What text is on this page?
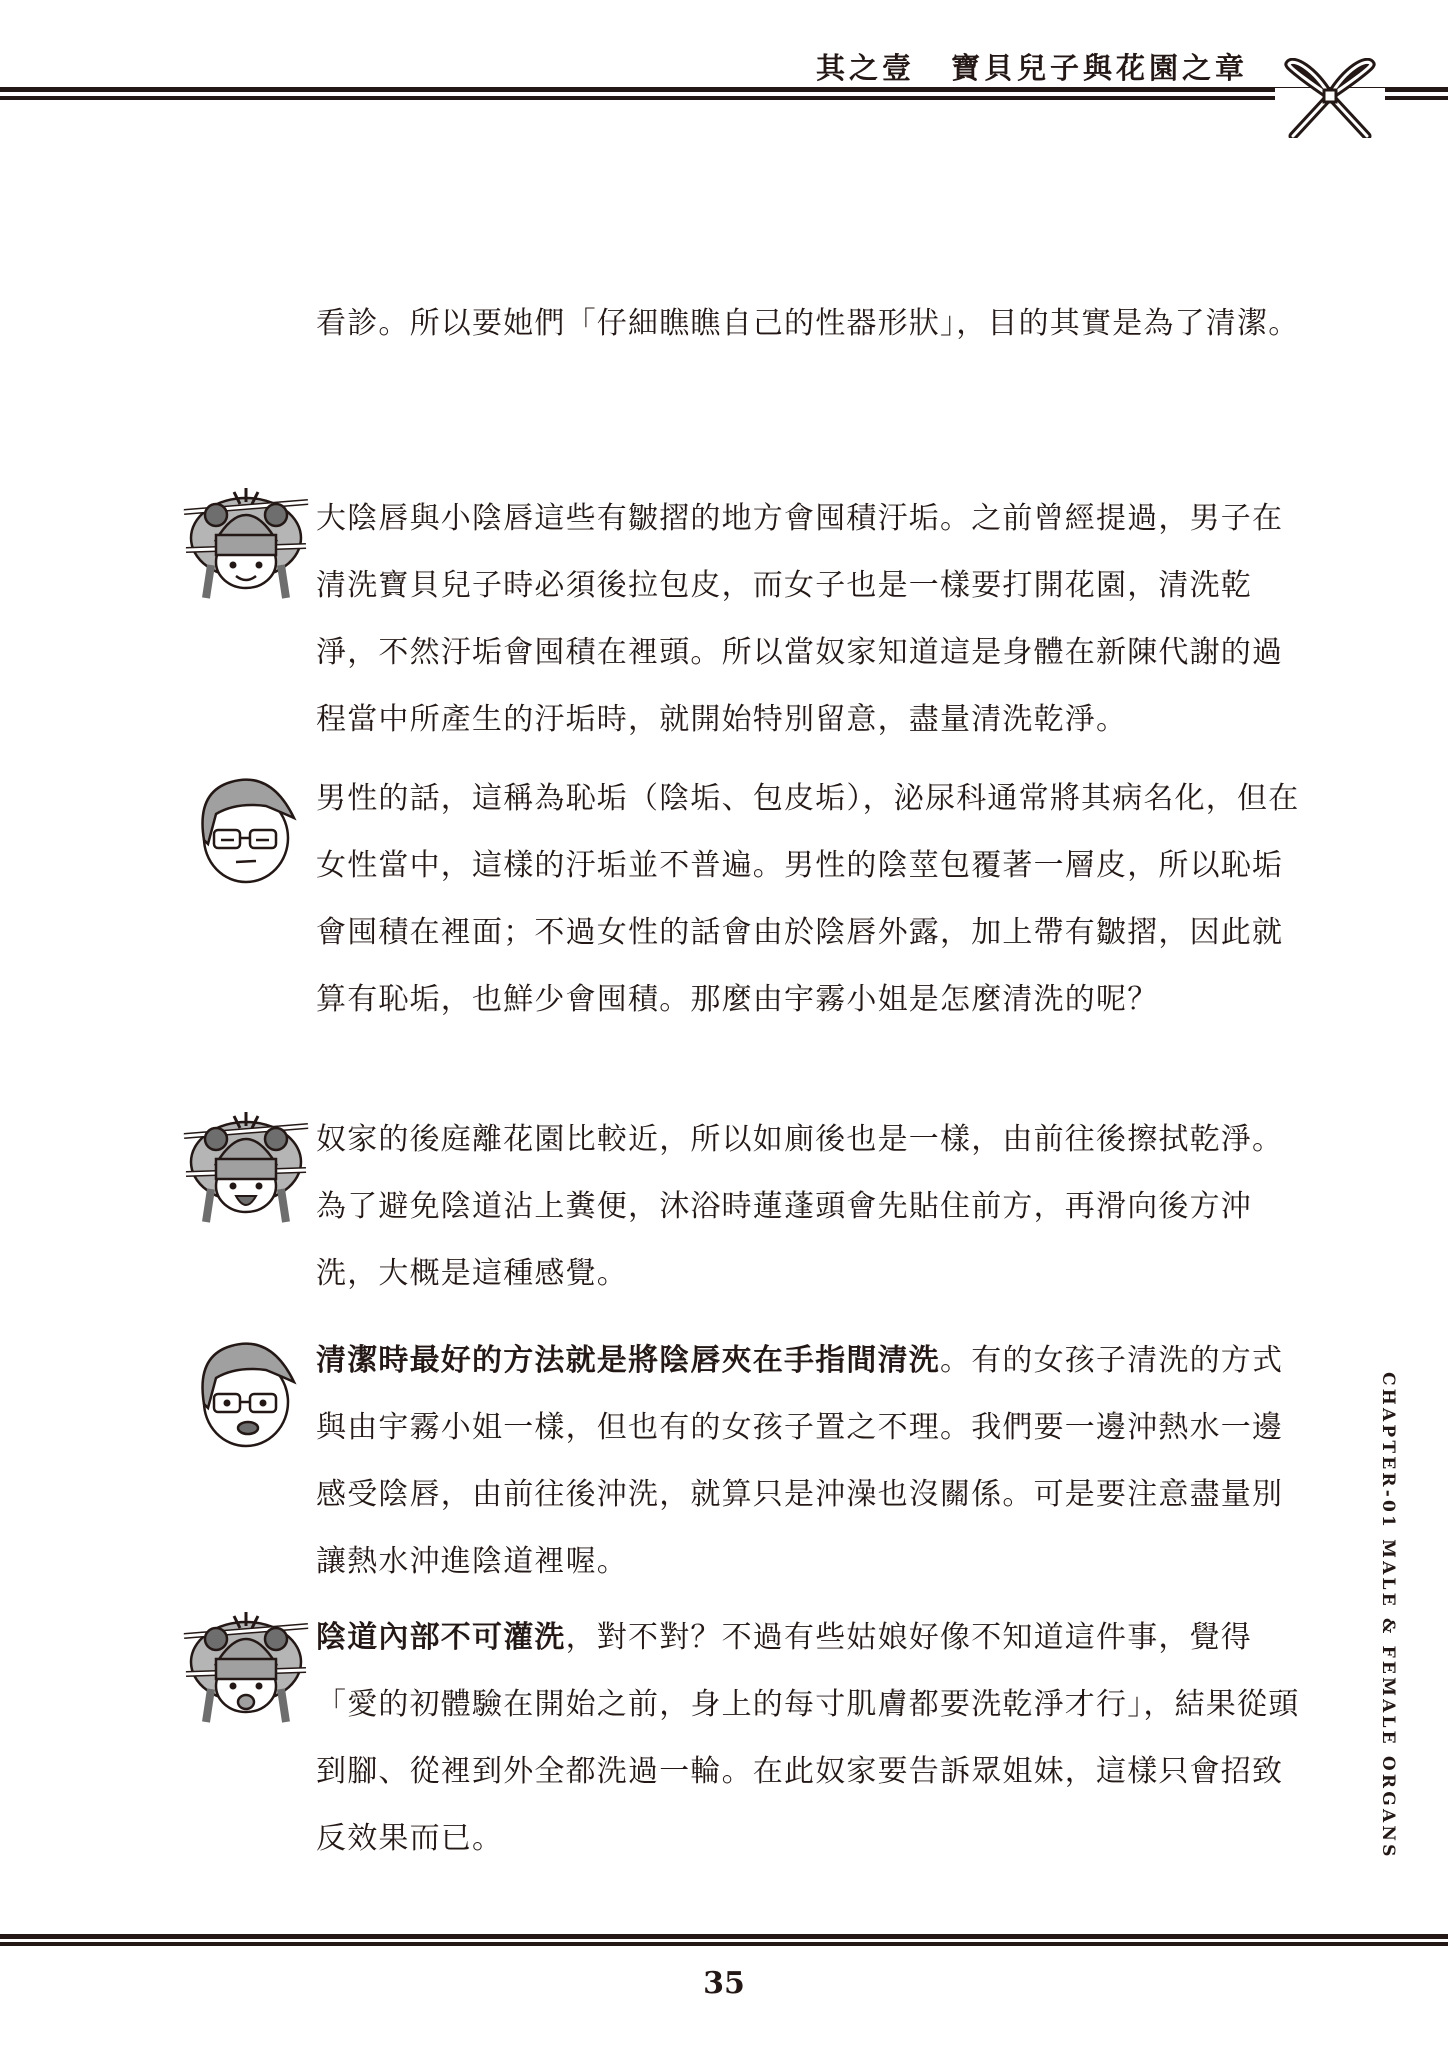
其之壹 寶貝兒子與花園之章

看診。所以要她們「仔細瞧瞧自己的性器形狀」，目的其實是為了清潔。

大陰唇與小陰唇這些有皺摺的地方會囤積汙垢。之前曾經提過，男子在清洗寶貝兒子時必須後拉包皮，而女子也是一樣要打開花園，清洗乾淨，不然汙垢會囤積在裡頭。所以當奴家知道這是身體在新陳代謝的過程當中所產生的汙垢時，就開始特別留意，盡量清洗乾淨。

男性的話，這稱為恥垢（陰垢、包皮垢），泌尿科通常將其病名化，但在女性當中，這樣的汙垢並不普遍。男性的陰莖包覆著一層皮，所以恥垢會囤積在裡面；不過女性的話會由於陰唇外露，加上帶有皺摺，因此就算有恥垢，也鮮少會囤積。那麼由宇霧小姐是怎麼清洗的呢？

奴家的後庭離花園比較近，所以如廁後也是一樣，由前往後擦拭乾淨。為了避免陰道沾上糞便，沐浴時蓮蓬頭會先貼住前方，再滑向後方沖洗，大概是這種感覺。

清潔時最好的方法就是將陰唇夾在手指間清洗。有的女孩子清洗的方式與由宇霧小姐一樣，但也有的女孩子置之不理。我們要一邊沖熱水一邊感受陰唇，由前往後沖洗，就算只是沖澡也沒關係。可是要注意盡量別讓熱水沖進陰道裡喔。

陰道內部不可灌洗，對不對？不過有些姑娘好像不知道這件事，覺得「愛的初體驗在開始之前，身上的每寸肌膚都要洗乾淨才行」，結果從頭到腳、從裡到外全都洗過一輪。在此奴家要告訴眾姐妹，這樣只會招致反效果而已。	CHAPTER-01 MALE & FEMALE ORGANS
35
